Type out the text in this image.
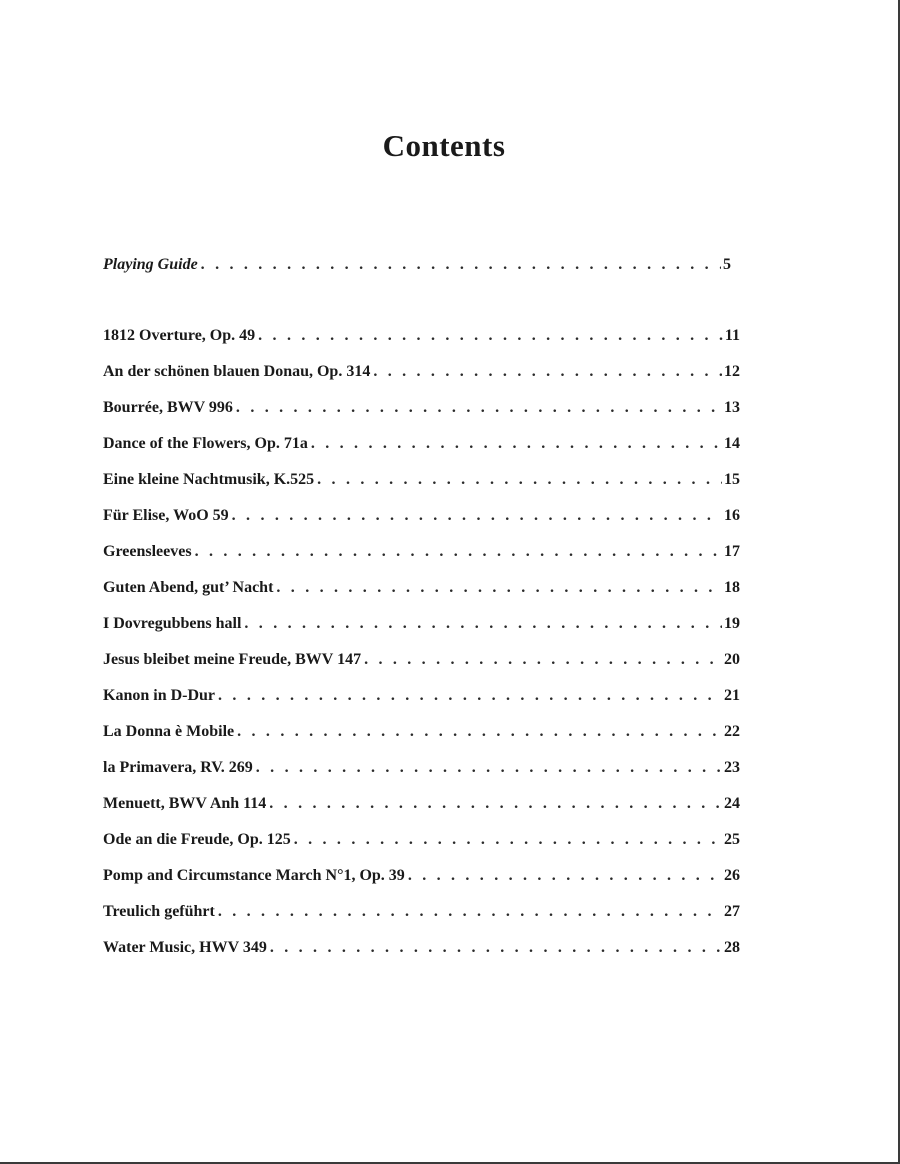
Contents
Playing Guide . . .	5
1812 Overture, Op. 49 . . .	11
An der schönen blauen Donau, Op. 314 . . .	12
Bourrée, BWV 996 . . .	13
Dance of the Flowers, Op. 71a . . .	14
Eine kleine Nachtmusik, K.525 . . .	15
Für Elise, WoO 59 . . .	16
Greensleeves . . .	17
Guten Abend, gut’ Nacht . . .	18
I Dovregubbens hall . . .	19
Jesus bleibet meine Freude, BWV 147 . . .	20
Kanon in D-Dur . . .	21
La Donna è Mobile . . .	22
la Primavera, RV. 269 . . .	23
Menuett, BWV Anh 114 . . .	24
Ode an die Freude, Op. 125 . . .	25
Pomp and Circumstance March N°1, Op. 39 . . .	26
Treulich geführt . . .	27
Water Music, HWV 349 . . .	28
